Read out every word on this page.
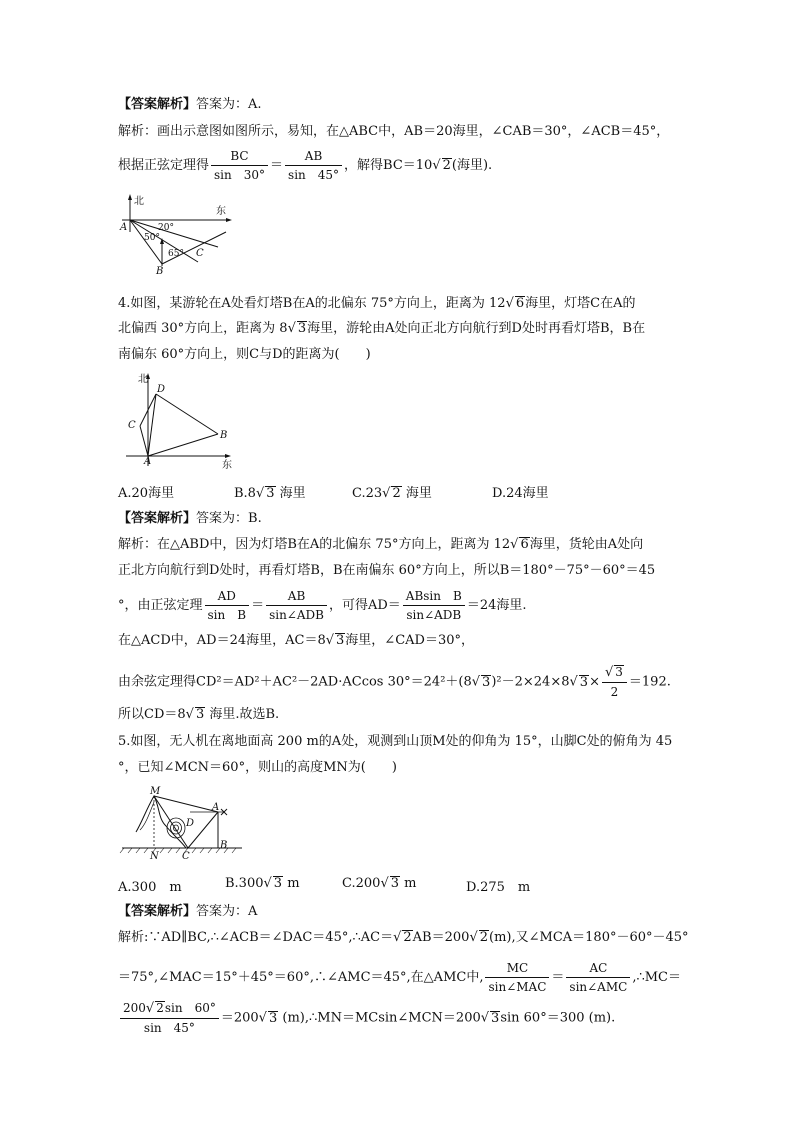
【答案解析】答案为：A.
解析：画出示意图如图所示，易知，在△ABC中，AB＝20海里，∠CAB＝30°，∠ACB＝45°，
根据正弦定理得 $\frac{BC}{\sin 30^\circ} = \frac{AB}{\sin 45^\circ}$ ，解得BC＝10√ 2(海里).
北
东
A
B
C
20°
50°
65°
4.如图，某游轮在A处看灯塔B在A的北偏东 75°方向上，距离为 12√ 6海里，灯塔C在A的
北偏西 30°方向上，距离为 8√ 3海里，游轮由A处向正北方向航行到D处时再看灯塔B，B在
南偏东 60°方向上，则C与D的距离为(　　)
北
东
D
C
B
A
A.20海里	B.8√ 3 海里	C.23√ 2 海里	D.24海里
【答案解析】答案为：B.
解析：在△ABD中，因为灯塔B在A的北偏东 75°方向上，距离为 12√ 6海里，货轮由A处向
正北方向航行到D处时，再看灯塔B，B在南偏东 60°方向上，所以B＝180°－75°－60°＝45
°，由正弦定理 $\frac{AD}{\text{sin　B}}$ ＝
AB
sin∠ADB
，可得AD＝
ABsin　B
sin∠ADB
＝24海里.
在△ACD中，AD＝24海里，AC＝8√ 3海里，∠CAD＝30°，
由余弦定理得CD²＝AD²＋AC²－2AD·ACcos 30°＝24²＋(8√ 3)²－2×24×8√ $3\times \frac{√ 3}{2} =192$.
所以CD＝8√ 3 海里.故选B.
5.如图，无人机在离地面高 200 m的A处，观测到山顶M处的仰角为 15°，山脚C处的俯角为 45
°，已知∠MCN＝60°，则山的高度MN为(　　)
M
A
B
D
C
N
A.300　m	B.300√ 3 m	C.200√ 3 m	D.275　m
【答案解析】答案为：A
解析:∵AD∥BC,∴∠ACB＝∠DAC＝45°,∴AC＝√ 2AB＝200√ 2(m),又∠MCA＝180°－60°－45°
＝75°,∠MAC＝15°＋45°＝60°,∴∠AMC＝45°,在△AMC中,
MC
sin∠MAC
＝
AC
sin∠AMC
,∴MC＝
$\frac{200√ 2\sin 60^\circ}{\sin 45^\circ} =200√$ 3 (m),∴MN＝MCsin∠MCN＝200√ 3sin 60°＝300 (m).
